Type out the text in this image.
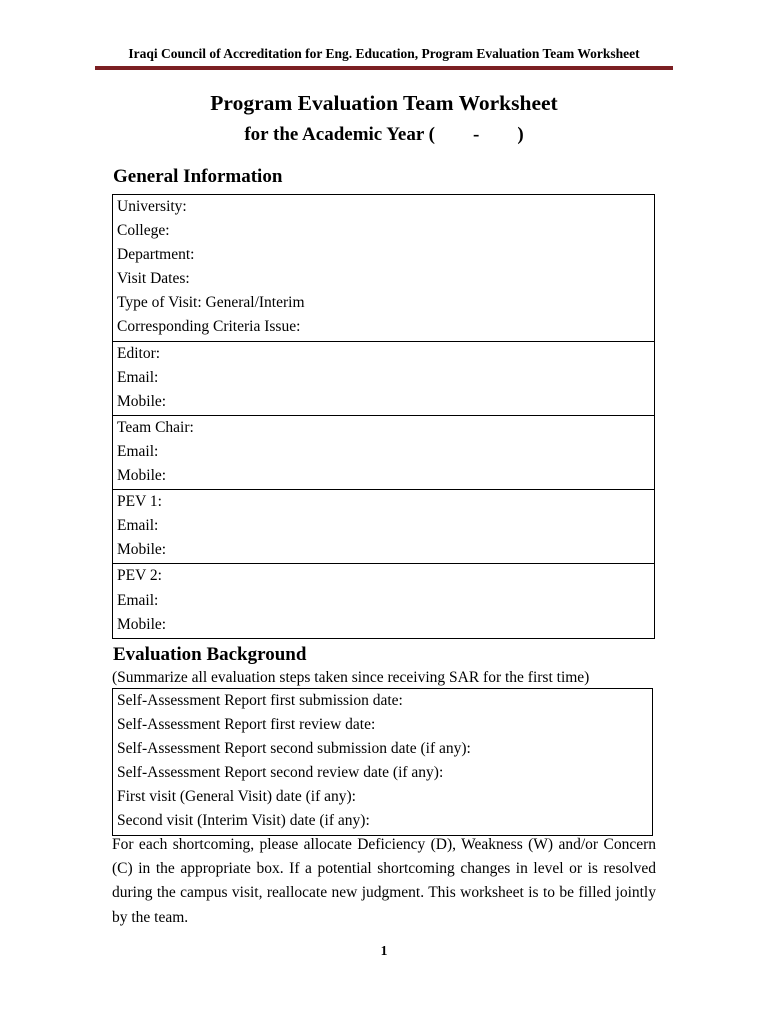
Iraqi Council of Accreditation for Eng. Education, Program Evaluation Team Worksheet
Program Evaluation Team Worksheet
for the Academic Year (        -        )
General Information
University:
College:
Department:
Visit Dates:
Type of Visit: General/Interim
Corresponding Criteria Issue:
Editor:
Email:
Mobile:
Team Chair:
Email:
Mobile:
PEV 1:
Email:
Mobile:
PEV 2:
Email:
Mobile:
Evaluation Background
(Summarize all evaluation steps taken since receiving SAR for the first time)
Self-Assessment Report first submission date:
Self-Assessment Report first review date:
Self-Assessment Report second submission date (if any):
Self-Assessment Report second review date (if any):
First visit (General Visit) date (if any):
Second visit (Interim Visit) date (if any):
For each shortcoming, please allocate Deficiency (D), Weakness (W) and/or Concern (C) in the appropriate box. If a potential shortcoming changes in level or is resolved during the campus visit, reallocate new judgment. This worksheet is to be filled jointly by the team.
1
